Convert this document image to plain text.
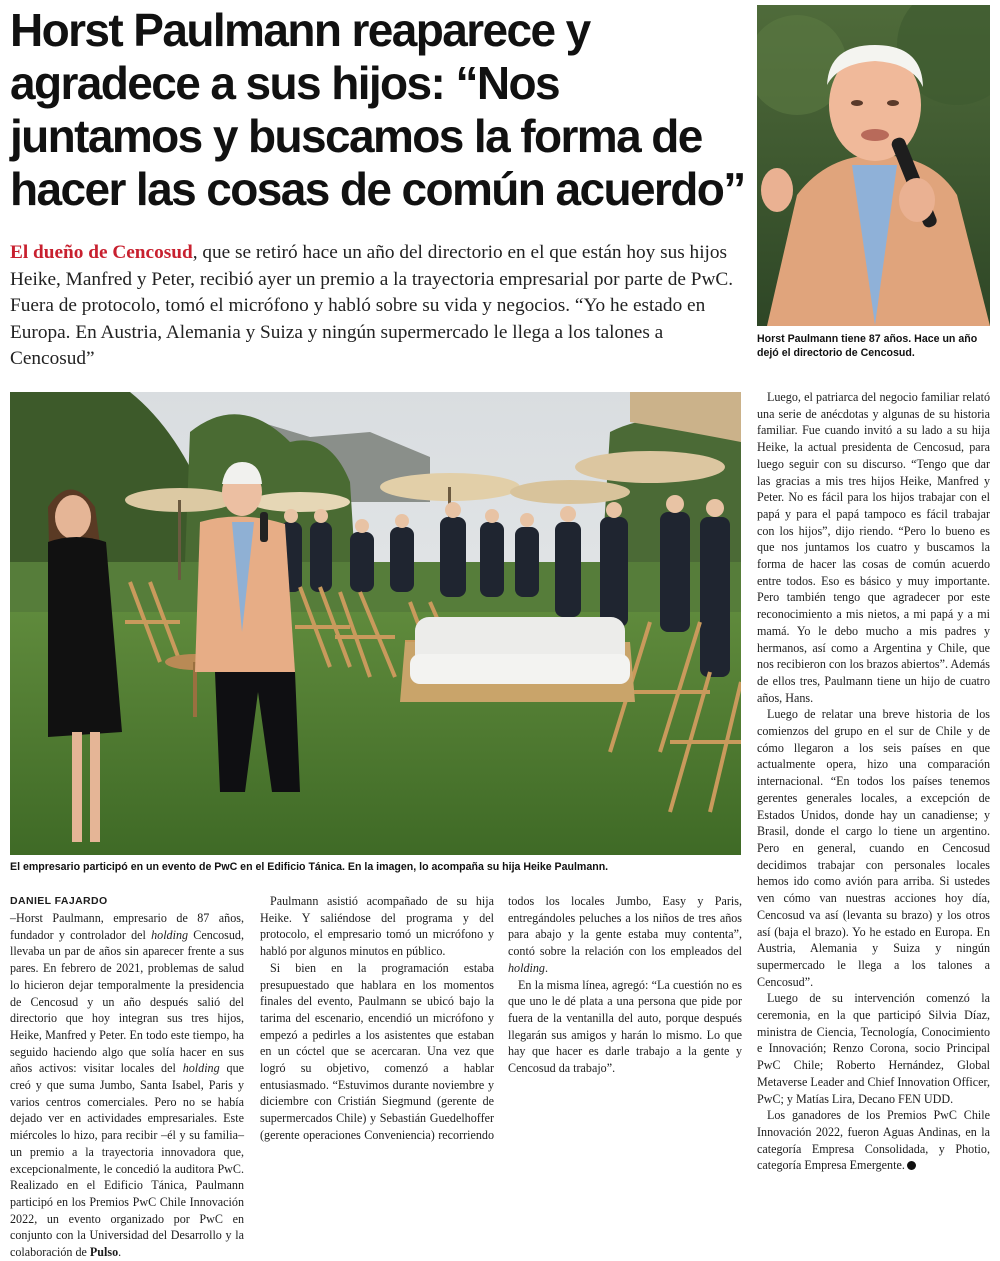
Horst Paulmann reaparece y agradece a sus hijos: “Nos juntamos y buscamos la forma de hacer las cosas de común acuerdo”

El dueño de Cencosud, que se retiró hace un año del directorio en el que están hoy sus hijos Heike, Manfred y Peter, recibió ayer un premio a la trayectoria empresarial por parte de PwC. Fuera de protocolo, tomó el micrófono y habló sobre su vida y negocios. “Yo he estado en Europa. En Austria, Alemania y Suiza y ningún supermercado le llega a los talones a Cencosud”

Horst Paulmann tiene 87 años. Hace un año dejó el directorio de Cencosud.

El empresario participó en un evento de PwC en el Edificio Tánica. En la imagen, lo acompaña su hija Heike Paulmann.

DANIEL FAJARDO

–Horst Paulmann, empresario de 87 años, fundador y controlador del holding Cencosud, llevaba un par de años sin aparecer frente a sus pares. En febrero de 2021, problemas de salud lo hicieron dejar temporalmente la presidencia de Cencosud y un año después salió del directorio que hoy integran sus tres hijos, Heike, Manfred y Peter. En todo este tiempo, ha seguido haciendo algo que solía hacer en sus años activos: visitar locales del holding que creó y que suma Jumbo, Santa Isabel, Paris y varios centros comerciales. Pero no se había dejado ver en actividades empresariales. Este miércoles lo hizo, para recibir –él y su familia– un premio a la trayectoria innovadora que, excepcionalmente, le concedió la auditora PwC. Realizado en el Edificio Tánica, Paulmann participó en los Premios PwC Chile Innovación 2022, un evento organizado por PwC en conjunto con la Universidad del Desarrollo y la colaboración de Pulso.

Paulmann asistió acompañado de su hija Heike. Y saliéndose del programa y del protocolo, el empresario tomó un micrófono y habló por algunos minutos en público.

Si bien en la programación estaba presupuestado que hablara en los momentos finales del evento, Paulmann se ubicó bajo la tarima del escenario, encendió un micrófono y empezó a pedirles a los asistentes que estaban en un cóctel que se acercaran. Una vez que logró su objetivo, comenzó a hablar entusiasmado. “Estuvimos durante noviembre y diciembre con Cristián Siegmund (gerente de supermercados Chile) y Sebastián Guedelhoffer (gerente operaciones Conveniencia) recorriendo todos los locales Jumbo, Easy y Paris, entregándoles peluches a los niños de tres años para abajo y la gente estaba muy contenta”, contó sobre la relación con los empleados del holding.

En la misma línea, agregó: “La cuestión no es que uno le dé plata a una persona que pide por fuera de la ventanilla del auto, porque después llegarán sus amigos y harán lo mismo. Lo que hay que hacer es darle trabajo a la gente y Cencosud da trabajo”.

Luego, el patriarca del negocio familiar relató una serie de anécdotas y algunas de su historia familiar. Fue cuando invitó a su lado a su hija Heike, la actual presidenta de Cencosud, para luego seguir con su discurso. “Tengo que dar las gracias a mis tres hijos Heike, Manfred y Peter. No es fácil para los hijos trabajar con el papá y para el papá tampoco es fácil trabajar con los hijos”, dijo riendo. “Pero lo bueno es que nos juntamos los cuatro y buscamos la forma de hacer las cosas de común acuerdo entre todos. Eso es básico y muy importante. Pero también tengo que agradecer por este reconocimiento a mis nietos, a mi papá y a mi mamá. Yo le debo mucho a mis padres y hermanos, así como a Argentina y Chile, que nos recibieron con los brazos abiertos”. Además de ellos tres, Paulmann tiene un hijo de cuatro años, Hans.

Luego de relatar una breve historia de los comienzos del grupo en el sur de Chile y de cómo llegaron a los seis países en que actualmente opera, hizo una comparación internacional. “En todos los países tenemos gerentes generales locales, a excepción de Estados Unidos, donde hay un canadiense; y Brasil, donde el cargo lo tiene un argentino. Pero en general, cuando en Cencosud decidimos trabajar con personales locales hemos ido como avión para arriba. Si ustedes ven cómo van nuestras acciones hoy día, Cencosud va así (levanta su brazo) y los otros así (baja el brazo). Yo he estado en Europa. En Austria, Alemania y Suiza y ningún supermercado le llega a los talones a Cencosud”.

Luego de su intervención comenzó la ceremonia, en la que participó Silvia Díaz, ministra de Ciencia, Tecnología, Conocimiento e Innovación; Renzo Corona, socio Principal PwC Chile; Roberto Hernández, Global Metaverse Leader and Chief Innovation Officer, PwC; y Matías Lira, Decano FEN UDD.

Los ganadores de los Premios PwC Chile Innovación 2022, fueron Aguas Andinas, en la categoría Empresa Consolidada, y Photio, categoría Empresa Emergente.
